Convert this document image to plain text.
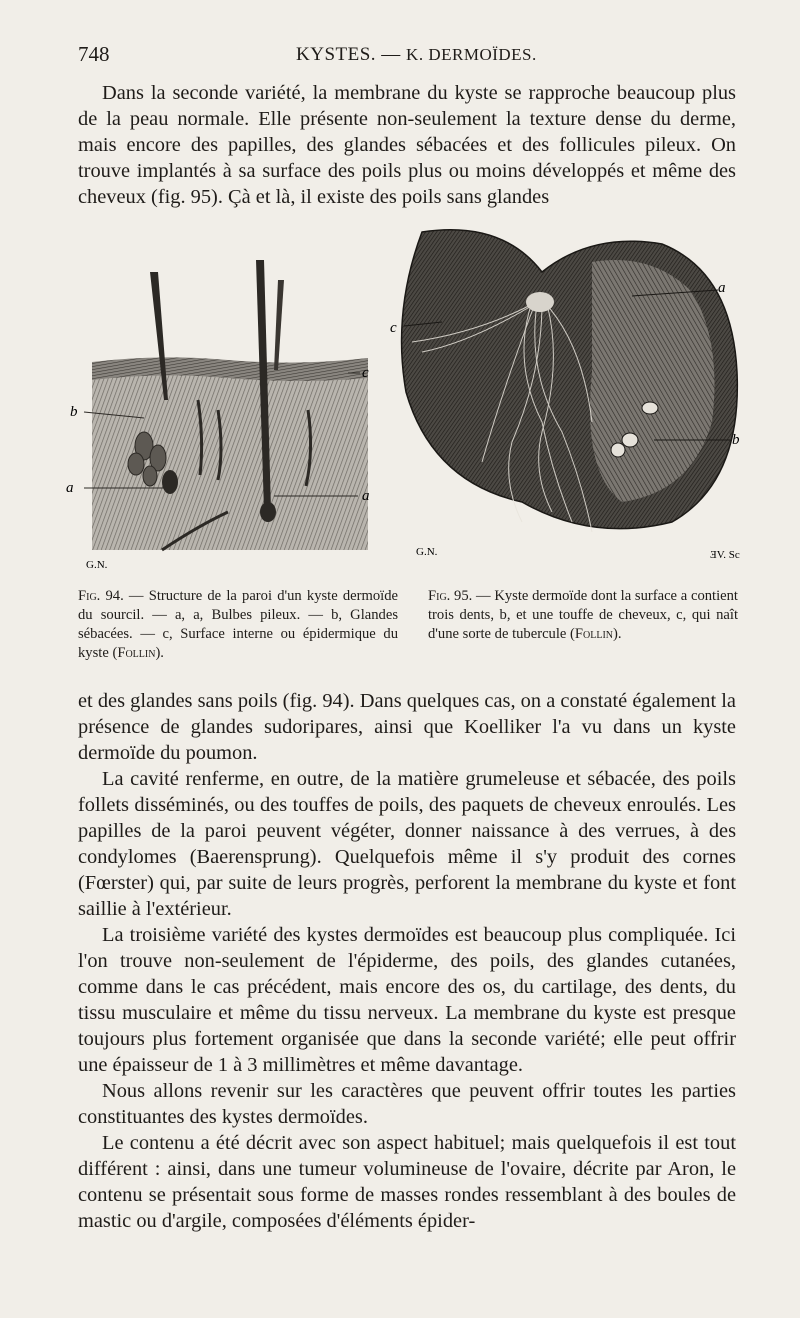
748	KYSTES. — K. DERMOÏDES.

Dans la seconde variété, la membrane du kyste se rapproche beaucoup plus de la peau normale. Elle présente non-seulement la texture dense du derme, mais encore des papilles, des glandes sébacées et des follicules pileux. On trouve implantés à sa surface des poils plus ou moins développés et même des cheveux (fig. 95). Çà et là, il existe des poils sans glandes

b
a
c
a
G.N.
a
c
b
G.N.	ƎV. Sc
Fig. 94. — Structure de la paroi d'un kyste dermoïde du sourcil. — a, a, Bulbes pileux. — b, Glandes sébacées. — c, Surface interne ou épidermique du kyste (Follin).
Fig. 95. — Kyste dermoïde dont la surface a contient trois dents, b, et une touffe de cheveux, c, qui naît d'une sorte de tubercule (Follin).

et des glandes sans poils (fig. 94). Dans quelques cas, on a constaté également la présence de glandes sudoripares, ainsi que Koelliker l'a vu dans un kyste dermoïde du poumon.

La cavité renferme, en outre, de la matière grumeleuse et sébacée, des poils follets disséminés, ou des touffes de poils, des paquets de cheveux enroulés. Les papilles de la paroi peuvent végéter, donner naissance à des verrues, à des condylomes (Baerensprung). Quelquefois même il s'y produit des cornes (Fœrster) qui, par suite de leurs progrès, perforent la membrane du kyste et font saillie à l'extérieur.

La troisième variété des kystes dermoïdes est beaucoup plus compliquée. Ici l'on trouve non-seulement de l'épiderme, des poils, des glandes cutanées, comme dans le cas précédent, mais encore des os, du cartilage, des dents, du tissu musculaire et même du tissu nerveux. La membrane du kyste est presque toujours plus fortement organisée que dans la seconde variété; elle peut offrir une épaisseur de 1 à 3 millimètres et même davantage.

Nous allons revenir sur les caractères que peuvent offrir toutes les parties constituantes des kystes dermoïdes.

Le contenu a été décrit avec son aspect habituel; mais quelquefois il est tout différent : ainsi, dans une tumeur volumineuse de l'ovaire, décrite par Aron, le contenu se présentait sous forme de masses rondes ressemblant à des boules de mastic ou d'argile, composées d'éléments épider-
